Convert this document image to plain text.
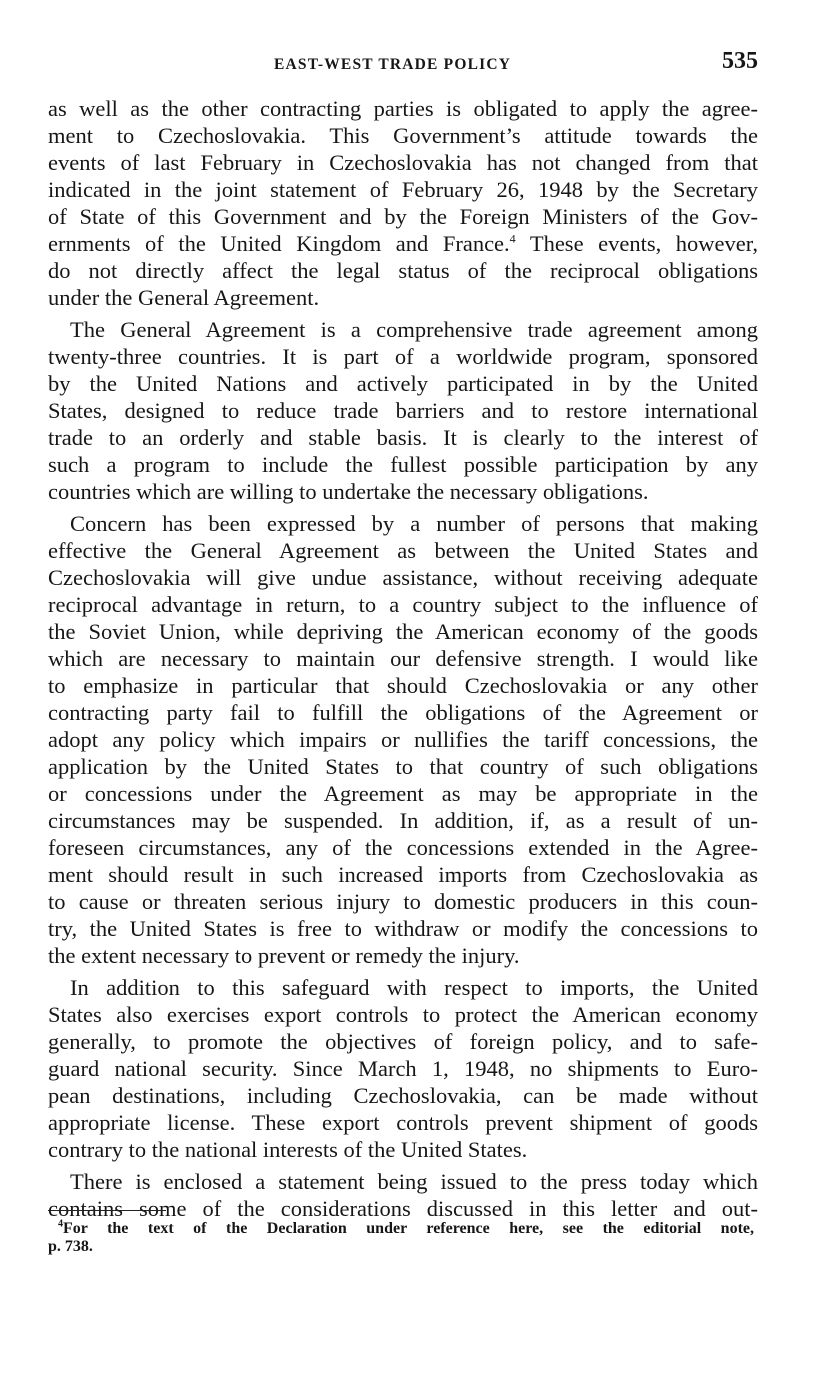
EAST-WEST TRADE POLICY	535
as well as the other contracting parties is obligated to apply the agree-
ment to Czechoslovakia. This Government’s attitude towards the
events of last February in Czechoslovakia has not changed from that
indicated in the joint statement of February 26, 1948 by the Secretary
of State of this Government and by the Foreign Ministers of the Gov-
ernments of the United Kingdom and France.$^4$ These events, however,
do not directly affect the legal status of the reciprocal obligations
under the General Agreement.
The General Agreement is a comprehensive trade agreement among
twenty-three countries. It is part of a worldwide program, sponsored
by the United Nations and actively participated in by the United
States, designed to reduce trade barriers and to restore international
trade to an orderly and stable basis. It is clearly to the interest of
such a program to include the fullest possible participation by any
countries which are willing to undertake the necessary obligations.
Concern has been expressed by a number of persons that making
effective the General Agreement as between the United States and
Czechoslovakia will give undue assistance, without receiving adequate
reciprocal advantage in return, to a country subject to the influence of
the Soviet Union, while depriving the American economy of the goods
which are necessary to maintain our defensive strength. I would like
to emphasize in particular that should Czechoslovakia or any other
contracting party fail to fulfill the obligations of the Agreement or
adopt any policy which impairs or nullifies the tariff concessions, the
application by the United States to that country of such obligations
or concessions under the Agreement as may be appropriate in the
circumstances may be suspended. In addition, if, as a result of un-
foreseen circumstances, any of the concessions extended in the Agree-
ment should result in such increased imports from Czechoslovakia as
to cause or threaten serious injury to domestic producers in this coun-
try, the United States is free to withdraw or modify the concessions to
the extent necessary to prevent or remedy the injury.
In addition to this safeguard with respect to imports, the United
States also exercises export controls to protect the American economy
generally, to promote the objectives of foreign policy, and to safe-
guard national security. Since March 1, 1948, no shipments to Euro-
pean destinations, including Czechoslovakia, can be made without
appropriate license. These export controls prevent shipment of goods
contrary to the national interests of the United States.
There is enclosed a statement being issued to the press today which
contains some of the considerations discussed in this letter and out-
$^4$For the text of the Declaration under reference here, see the editorial note,
p. 738.
